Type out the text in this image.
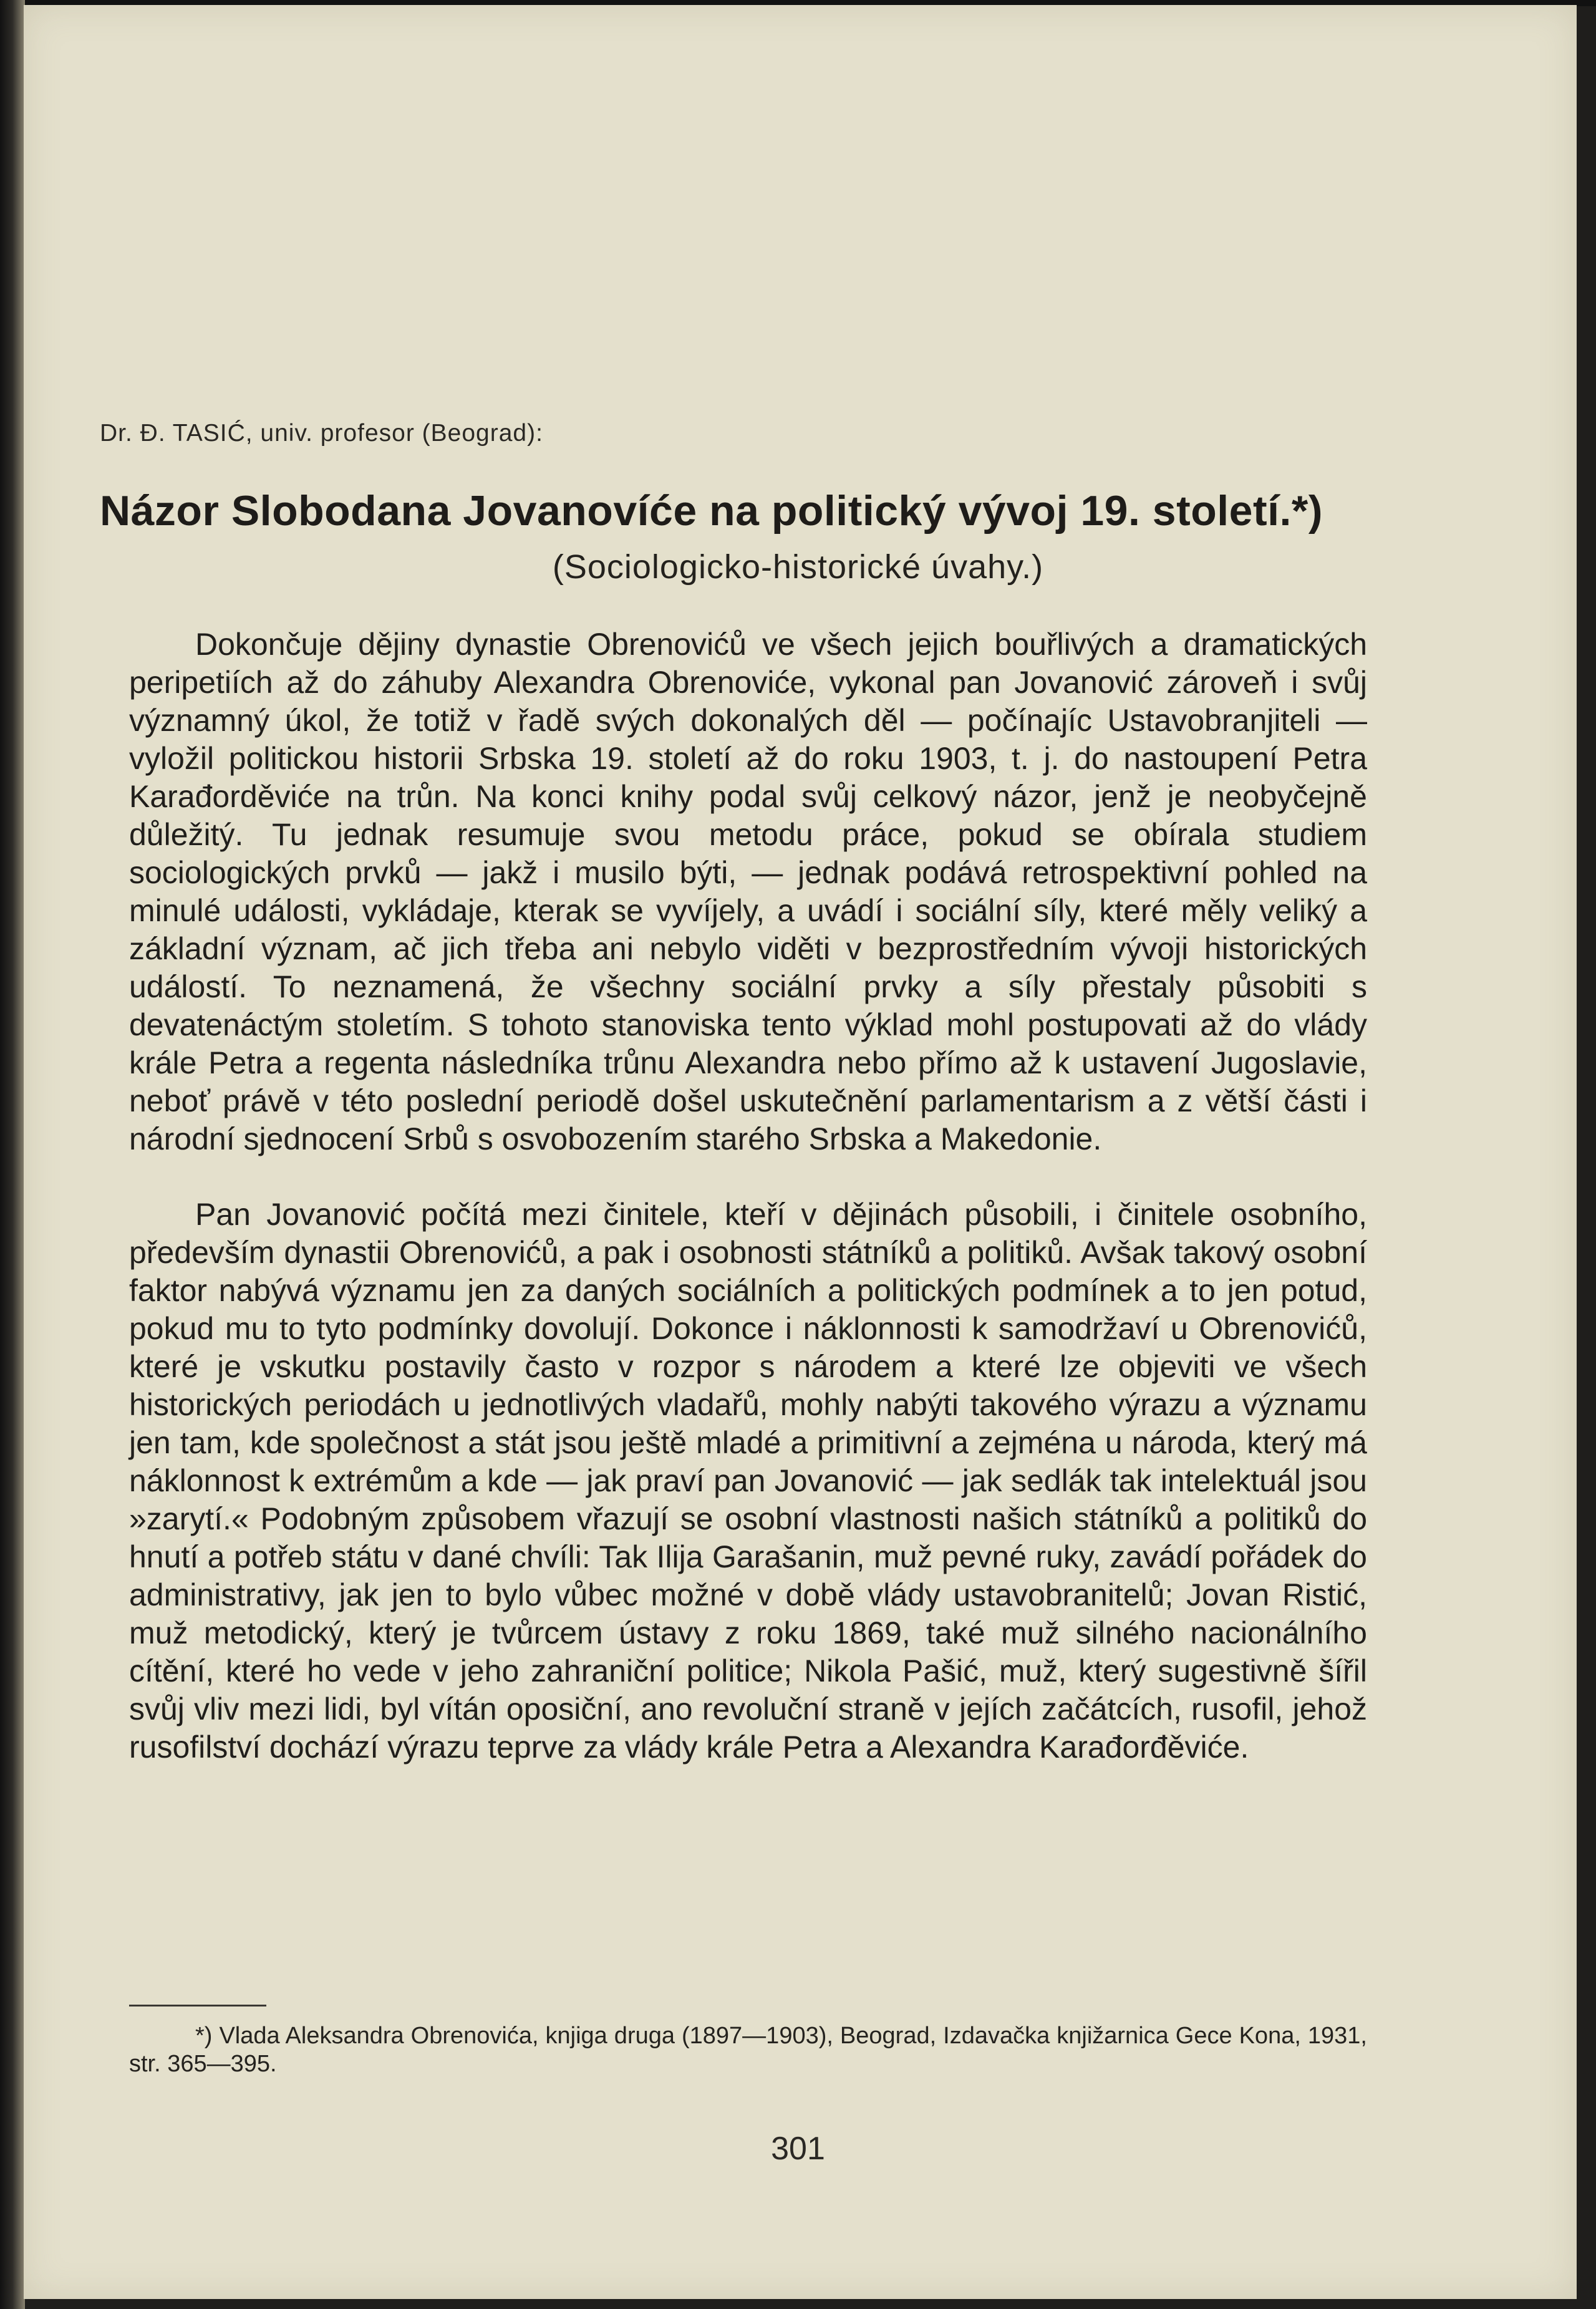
Dr. Đ. TASIĆ, univ. profesor (Beograd):
Názor Slobodana Jovanovíće na politický vývoj 19. století.*)
(Sociologicko-historické úvahy.)

Dokončuje dějiny dynastie Obrenovićů ve všech jejich bouřlivých a dramatických peripetiích až do záhuby Alexandra Obrenoviće, vykonal pan Jovanović zároveň i svůj významný úkol, že totiž v řadě svých dokonalých děl — počínajíc Ustavobranjiteli — vyložil politickou historii Srbska 19. století až do roku 1903, t. j. do nastoupení Petra Karađorděviće na trůn. Na konci knihy podal svůj celkový názor, jenž je neobyčejně důležitý. Tu jednak resumuje svou metodu práce, pokud se obírala studiem sociologických prvků — jakž i musilo býti, — jednak podává retrospektivní pohled na minulé události, vykládaje, kterak se vyvíjely, a uvádí i sociální síly, které měly veliký a základní význam, ač jich třeba ani nebylo viděti v bezprostředním vývoji historických událostí. To neznamená, že všechny sociální prvky a síly přestaly působiti s devatenáctým stoletím. S tohoto stanoviska tento výklad mohl postupovati až do vlády krále Petra a regenta následníka trůnu Alexandra nebo přímo až k ustavení Jugoslavie, neboť právě v této poslední periodě došel uskutečnění parlamentarism a z větší části i národní sjednocení Srbů s osvobozením starého Srbska a Makedonie.

Pan Jovanović počítá mezi činitele, kteří v dějinách působili, i činitele osobního, především dynastii Obrenovićů, a pak i osobnosti státníků a politiků. Avšak takový osobní faktor nabývá významu jen za daných sociálních a politických podmínek a to jen potud, pokud mu to tyto podmínky dovolují. Dokonce i náklonnosti k samodržaví u Obrenovićů, které je vskutku postavily často v rozpor s národem a které lze objeviti ve všech historických periodách u jednotlivých vladařů, mohly nabýti takového výrazu a významu jen tam, kde společnost a stát jsou ještě mladé a primitivní a zejména u národa, který má náklonnost k extrémům a kde — jak praví pan Jovanović — jak sedlák tak intelektuál jsou »zarytí.« Podobným způsobem vřazují se osobní vlastnosti našich státníků a politiků do hnutí a potřeb státu v dané chvíli: Tak Ilija Garašanin, muž pevné ruky, zavádí pořádek do administrativy, jak jen to bylo vůbec možné v době vlády ustavobranitelů; Jovan Ristić, muž metodický, který je tvůrcem ústavy z roku 1869, také muž silného nacionálního cítění, které ho vede v jeho zahraniční politice; Nikola Pašić, muž, který sugestivně šířil svůj vliv mezi lidi, byl vítán oposiční, ano revoluční straně v jejích začátcích, rusofil, jehož rusofilství dochází výrazu teprve za vlády krále Petra a Alexandra Karađorđěviće.

*) Vlada Aleksandra Obrenovića, knjiga druga (1897—1903), Beograd, Izdavačka knjižarnica Gece Kona, 1931, str. 365—395.
301
